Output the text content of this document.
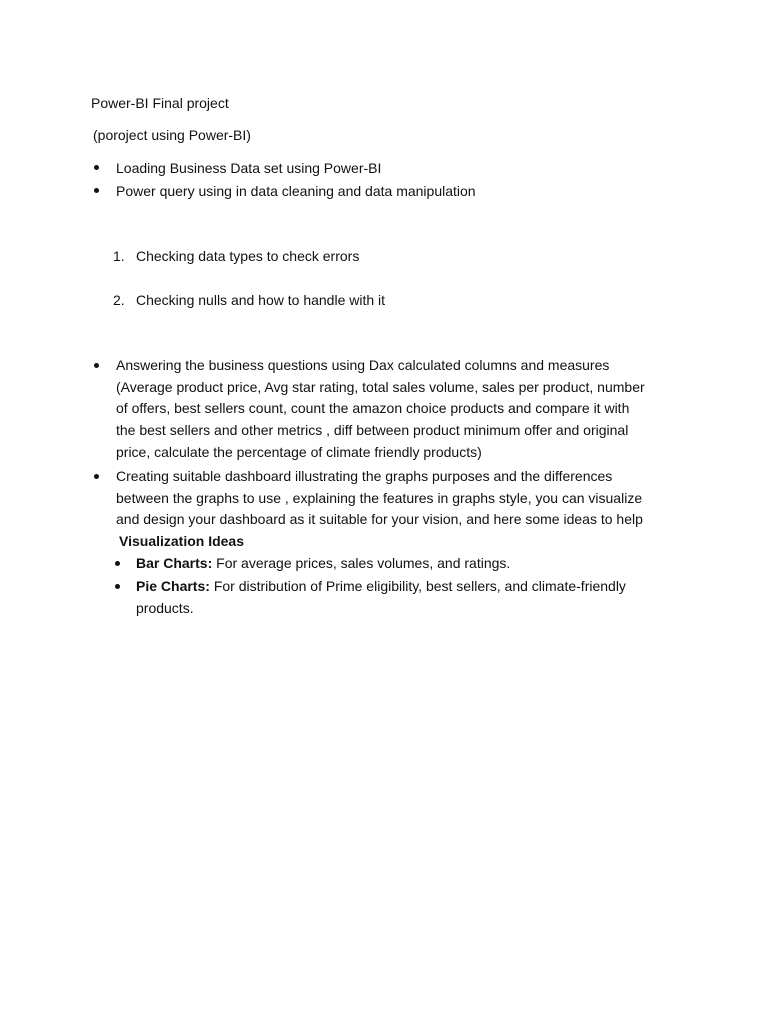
Power-BI Final project
(poroject using Power-BI)
Loading Business Data set using Power-BI
Power query using in data cleaning and data manipulation
1. Checking data types to check errors
2. Checking nulls and how to handle with it
Answering the business questions using Dax calculated columns and measures
(Average product price, Avg star rating, total sales volume, sales per product, number
of offers, best sellers count, count the amazon choice products and compare it with
the best sellers and other metrics , diff between product minimum offer and original
price, calculate the percentage of climate friendly products)
Creating suitable dashboard illustrating the graphs purposes and the differences
between the graphs to use , explaining the features in graphs style, you can visualize
and design your dashboard as it suitable for your vision, and here some ideas to help
Visualization Ideas
Bar Charts: For average prices, sales volumes, and ratings.
Pie Charts: For distribution of Prime eligibility, best sellers, and climate-friendly
products.
